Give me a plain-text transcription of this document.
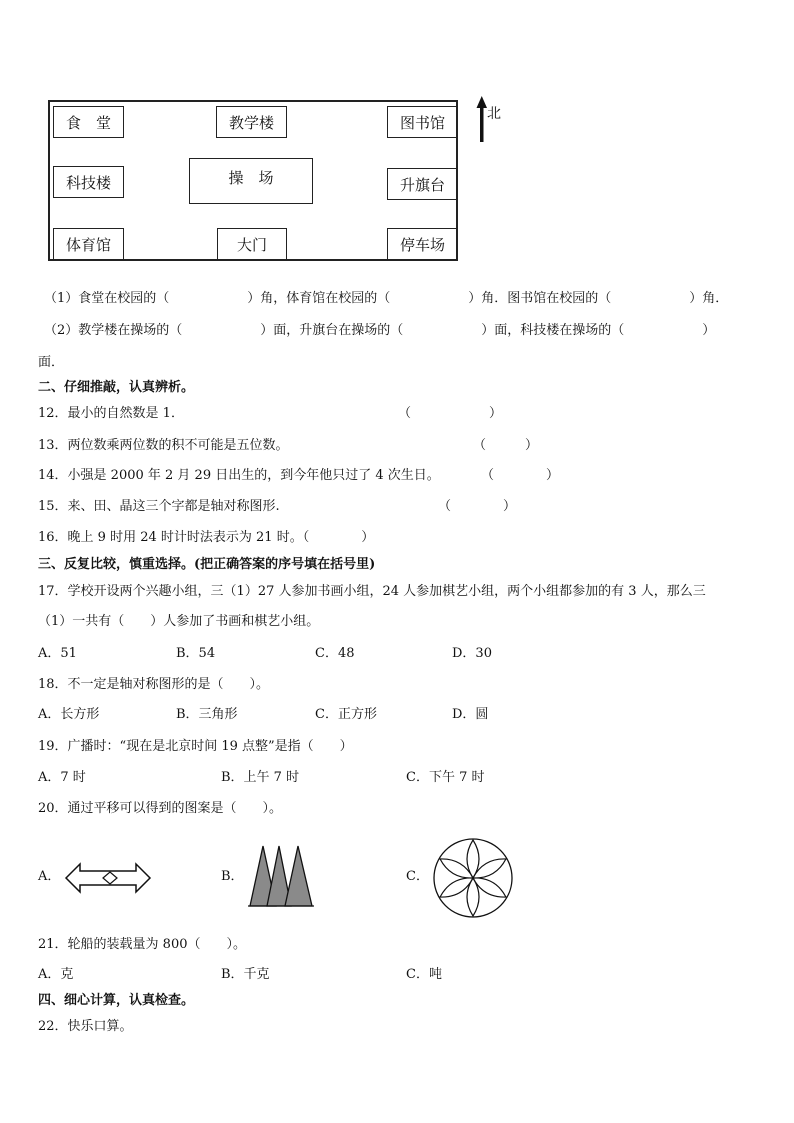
食　堂	教学楼	图书馆
科技楼	操　场	升旗台
体育馆	大门	停车场
北
（1）食堂在校园的（　　　　　　）角，体育馆在校园的（　　　　　　）角．图书馆在校园的（　　　　　　）角．
（2）教学楼在操场的（　　　　　　）面，升旗台在操场的（　　　　　　）面，科技楼在操场的（　　　　　　）
面．
二、仔细推敲，认真辨析。
12．最小的自然数是 1．	（　　　　　　）
13．两位数乘两位数的积不可能是五位数。	（　　　）
14．小强是 2000 年 2 月 29 日出生的，到今年他只过了 4 次生日。	（　　　　）
15．来、田、晶这三个字都是轴对称图形.	（　　　　）
16．晚上 9 时用 24 时计时法表示为 21 时。（　　　　）
三、反复比较，慎重选择。(把正确答案的序号填在括号里)
17．学校开设两个兴趣小组，三（1）27 人参加书画小组，24 人参加棋艺小组，两个小组都参加的有 3 人，那么三
（1）一共有（　　）人参加了书画和棋艺小组。
A．51	B．54	C．48	D．30
18．不一定是轴对称图形的是（　　）。
A．长方形	B．三角形	C．正方形	D．圆
19．广播时：“现在是北京时间 19 点整”是指（　　）
A．7 时	B．上午 7 时	C．下午 7 时
20．通过平移可以得到的图案是（　　）。
A．	B．	C．
21．轮船的装载量为 800（　　）。
A．克	B．千克	C．吨
四、细心计算，认真检查。
22．快乐口算。
